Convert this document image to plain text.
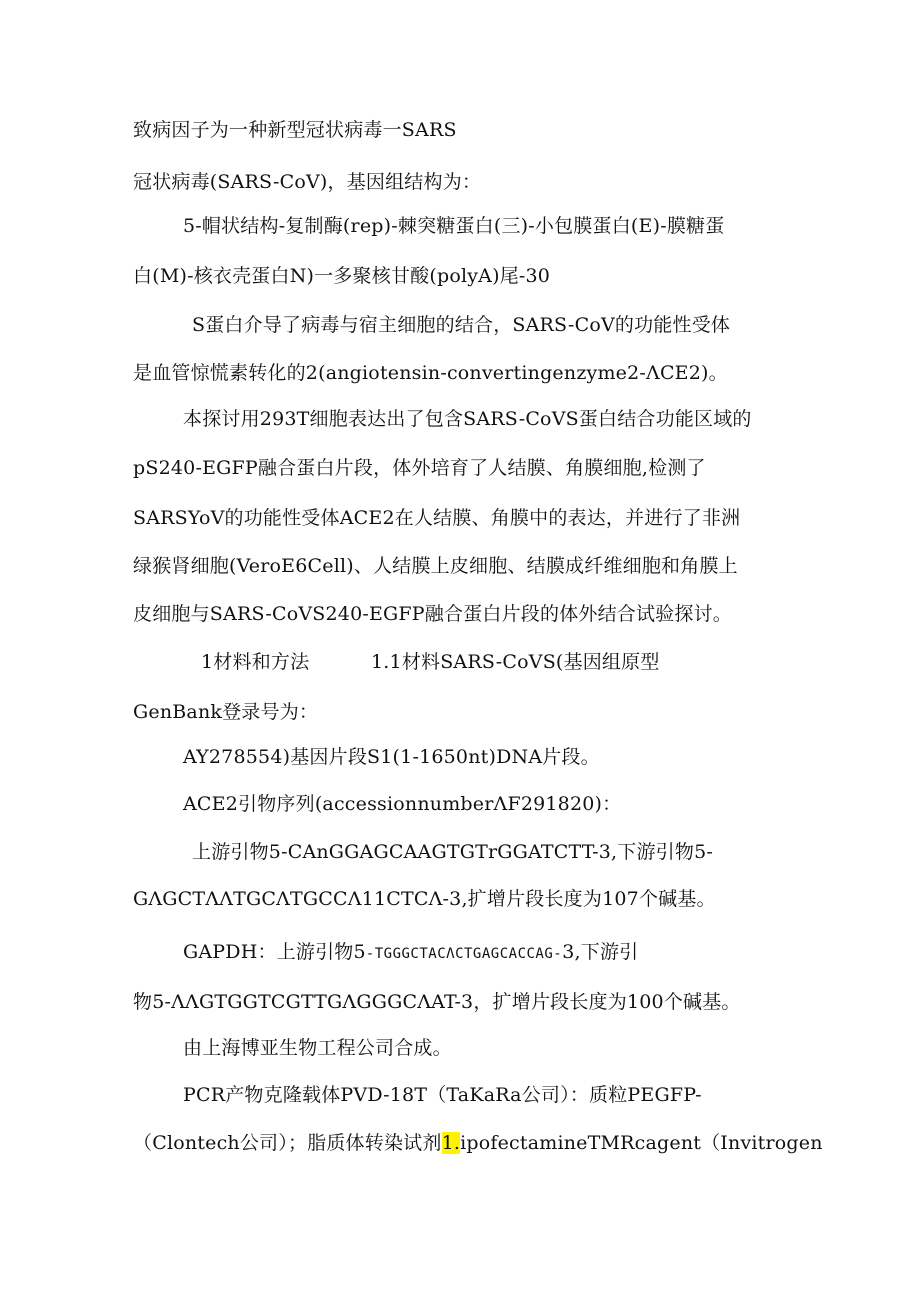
致病因子为一种新型冠状病毒一SARS
冠状病毒(SARS-CoV)，基因组结构为：
5-帽状结构-复制酶(rep)-棘突糖蛋白(三)-小包膜蛋白(E)-膜糖蛋
白(M)-核衣壳蛋白N)一多聚核甘酸(polyA)尾-30
S蛋白介导了病毒与宿主细胞的结合，SARS-CoV的功能性受体
是血管惊慌素转化的2(angiotensin-convertingenzyme2-ΛCE2)。
本探讨用293T细胞表达出了包含SARS-CoVS蛋白结合功能区域的
pS240-EGFP融合蛋白片段，体外培育了人结膜、角膜细胞,检测了
SARSYoV的功能性受体ACE2在人结膜、角膜中的表达，并进行了非洲
绿猴肾细胞(VeroE6Cell)、人结膜上皮细胞、结膜成纤维细胞和角膜上
皮细胞与SARS-CoVS240-EGFP融合蛋白片段的体外结合试验探讨。
1材料和方法	1.1材料SARS-CoVS(基因组原型
GenBank登录号为：
AY278554)基因片段S1(1-1650nt)DNA片段。
ACE2引物序列(accessionnumberΛF291820)：
上游引物5-CAnGGAGCAAGTGTrGGATCTT-3,下游引物5-
GΛGCTΛΛTGCΛTGCCΛ11CTCΛ-3,扩增片段长度为107个碱基。
GAPDH：上游引物5-TGGGCTACΛCTGAGCACCAG-3,下游引
物5-ΛΛGTGGTCGTTGΛGGGCΛAT-3，扩增片段长度为100个碱基。
由上海博亚生物工程公司合成。
PCR产物克隆载体PVD-18T（TaKaRa公司）：质粒PEGFP-
（Clontech公司）；脂质体转染试剂1.ipofectamineTMRcagent（Invitrogen
